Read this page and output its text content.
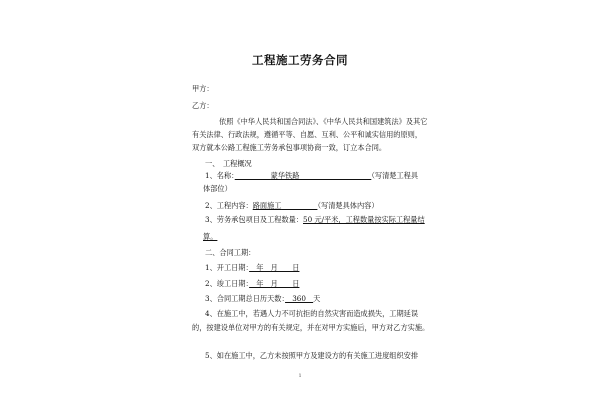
工程施工劳务合同
甲方：
乙方：
依照《中华人民共和国合同法》、《中华人民共和国建筑法》及其它
有关法律、行政法规，遵循平等、自愿、互利、公平和诚实信用的原则，
双方就本公路工程施工劳务承包事项协商一致，订立本合同。
一、　工程概况
1、名称：　　　　　蒙华铁路　　　　　　　　　　（写清楚工程具
体部位）
2、工程内容：路面施工　　　　　	（写清楚具体内容）
3、劳务承包项目及工程数量：50 元/平米，工程数量按实际工程量结
算。
二、合同工期：
1、开工日期：　年　月　　日
2、竣工日期：　年　月　　日
3、合同工期总日历天数：　360　天
4、在施工中，若遇人力不可抗拒的自然灾害而造成损失，工期延误
的，按建设单位对甲方的有关规定，并在对甲方实施后，甲方对乙方实施。
5、如在施工中，乙方未按照甲方及建设方的有关施工进度组织安排
1
